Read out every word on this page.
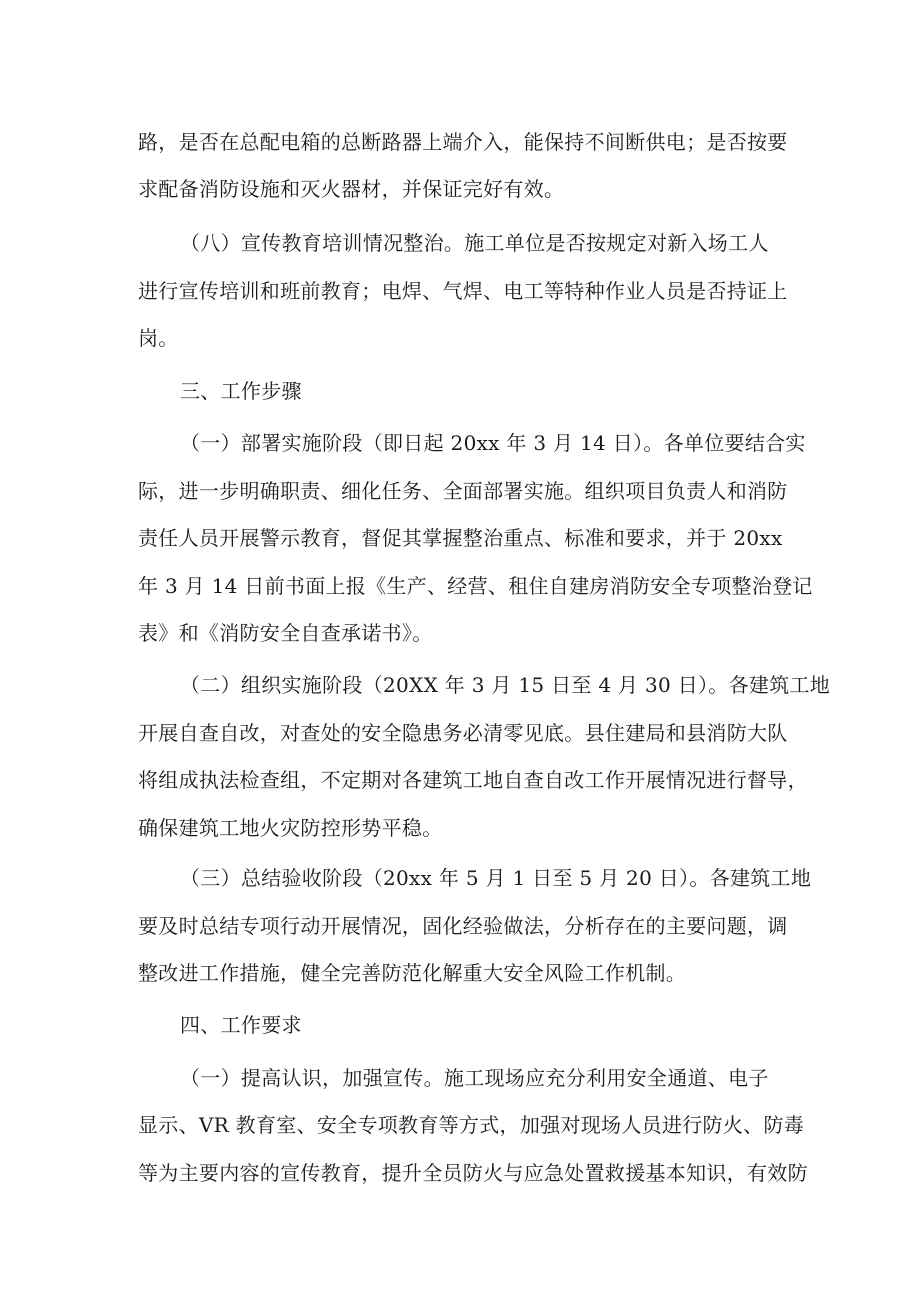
路，是否在总配电箱的总断路器上端介入，能保持不间断供电；是否按要
求配备消防设施和灭火器材，并保证完好有效。
（八）宣传教育培训情况整治。施工单位是否按规定对新入场工人
进行宣传培训和班前教育；电焊、气焊、电工等特种作业人员是否持证上
岗。
三、工作步骤
（一）部署实施阶段（即日起 20xx 年 3 月 14 日）。各单位要结合实
际，进一步明确职责、细化任务、全面部署实施。组织项目负责人和消防
责任人员开展警示教育，督促其掌握整治重点、标准和要求，并于 20xx
年 3 月 14 日前书面上报《生产、经营、租住自建房消防安全专项整治登记
表》和《消防安全自查承诺书》。
（二）组织实施阶段（20XX 年 3 月 15 日至 4 月 30 日）。各建筑工地
开展自查自改，对查处的安全隐患务必清零见底。县住建局和县消防大队
将组成执法检查组，不定期对各建筑工地自查自改工作开展情况进行督导，
确保建筑工地火灾防控形势平稳。
（三）总结验收阶段（20xx 年 5 月 1 日至 5 月 20 日）。各建筑工地
要及时总结专项行动开展情况，固化经验做法，分析存在的主要问题，调
整改进工作措施，健全完善防范化解重大安全风险工作机制。
四、工作要求
（一）提高认识，加强宣传。施工现场应充分利用安全通道、电子
显示、VR 教育室、安全专项教育等方式，加强对现场人员进行防火、防毒
等为主要内容的宣传教育，提升全员防火与应急处置救援基本知识，有效防
